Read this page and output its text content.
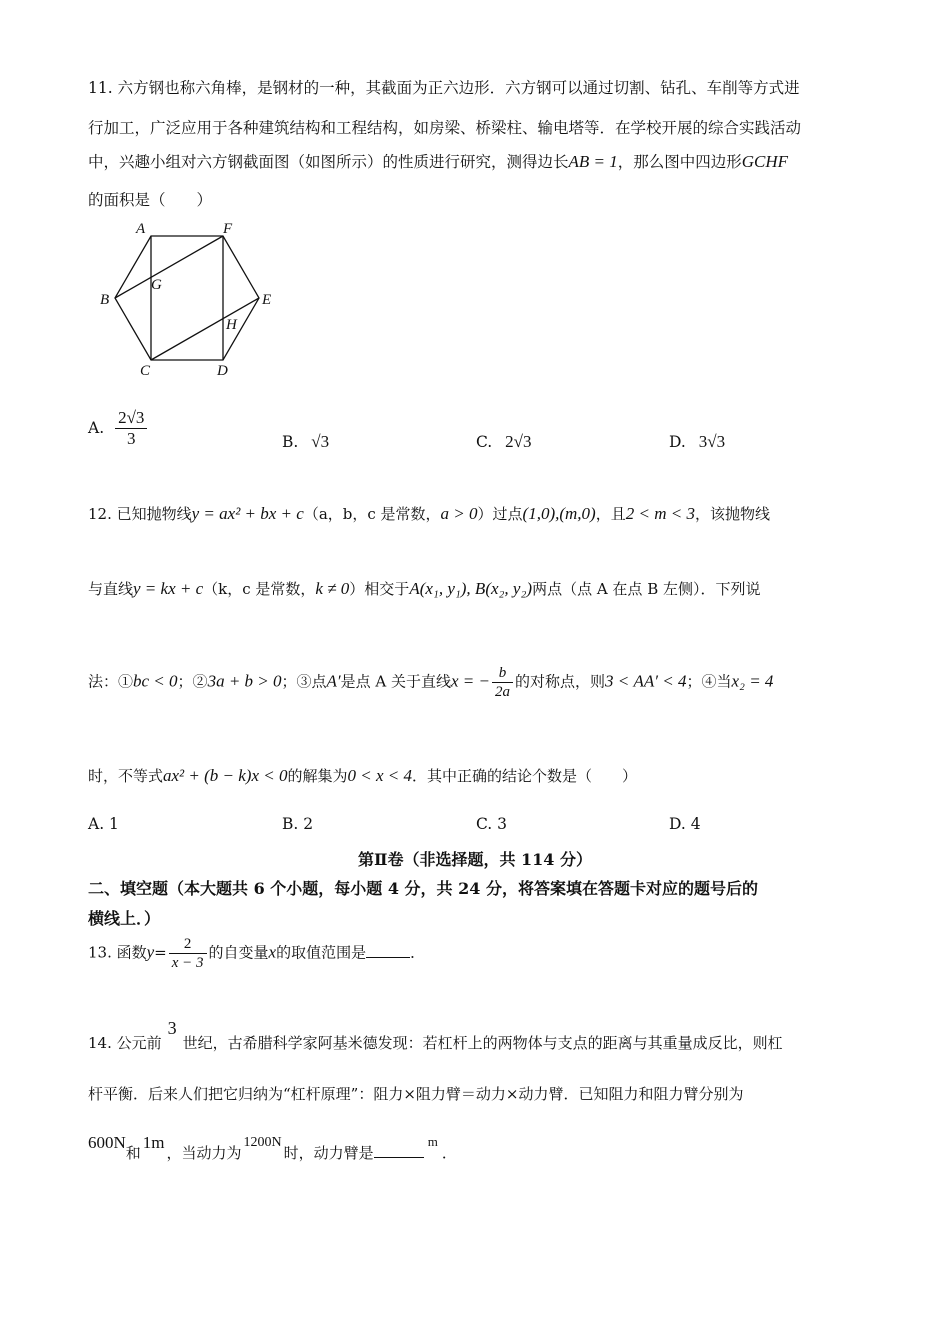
11. 六方钢也称六角棒，是钢材的一种，其截面为正六边形．六方钢可以通过切割、钻孔、车削等方式进
行加工，广泛应用于各种建筑结构和工程结构，如房梁、桥梁柱、输电塔等．在学校开展的综合实践活动
中，兴趣小组对六方钢截面图（如图所示）的性质进行研究，测得边长AB = 1，那么图中四边形GCHF
的面积是（　　）
A	F
B
G
E
H
C	D
A. $\frac{2√3}{3}$	B. √3	C. 2√3	D. 3√3
12. 已知抛物线y = ax² + bx + c（a，b，c 是常数，a > 0）过点(1,0),(m,0)，且2 < m < 3，该抛物线
与直线y = kx + c（k，c 是常数，k ≠ 0）相交于A(x₁, y₁), B(x₂, y₂)两点（点 A 在点 B 左侧）．下列说
法：①bc < 0；②3a + b > 0；③点A′是点 A 关于直线x = − $\frac{b}{2a}$ 的对称点，则3 < AA′ < 4；④当x₂ = 4
时，不等式ax² + (b − k)x < 0的解集为0 < x < 4．其中正确的结论个数是（　　）
A. 1	B. 2	C. 3	D. 4
第Ⅱ卷（非选择题，共 114 分）
二、填空题（本大题共 6 个小题，每小题 4 分，共 24 分，将答案填在答题卡对应的题号后的
横线上．）
13. 函数$y= \frac{2}{x - 3}$ 的自变量x的取值范围是	．
14. 公元前3世纪，古希腊科学家阿基米德发现：若杠杆上的两物体与支点的距离与其重量成反比，则杠
杆平衡．后来人们把它归纳为“杠杆原理”：阻力×阻力臂＝动力×动力臂．已知阻力和阻力臂分别为
600N和1m，当动力为1200N时，动力臂是m．
